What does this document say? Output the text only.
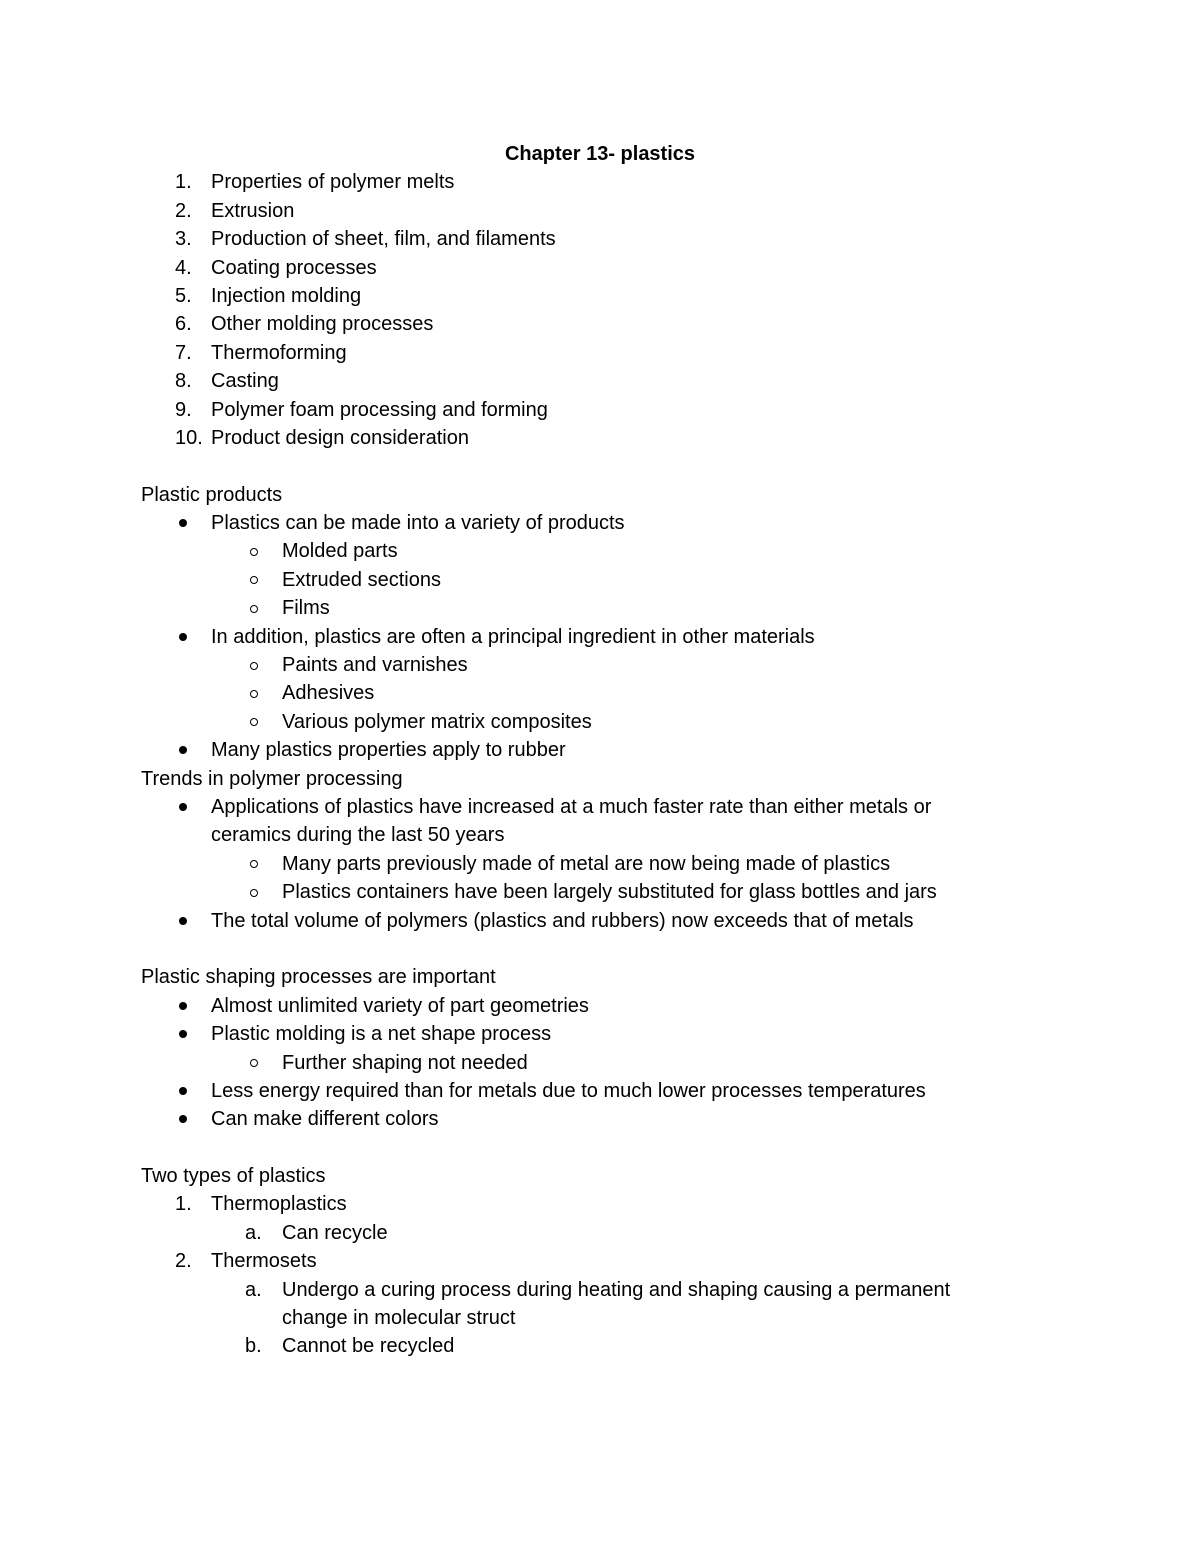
Chapter 13- plastics
1. Properties of polymer melts
2. Extrusion
3. Production of sheet, film, and filaments
4. Coating processes
5. Injection molding
6. Other molding processes
7. Thermoforming
8. Casting
9. Polymer foam processing and forming
10. Product design consideration
Plastic products
Plastics can be made into a variety of products
Molded parts
Extruded sections
Films
In addition, plastics are often a principal ingredient in other materials
Paints and varnishes
Adhesives
Various polymer matrix composites
Many plastics properties apply to rubber
Trends in polymer processing
Applications of plastics have increased at a much faster rate than either metals or
ceramics during the last 50 years
Many parts previously made of metal are now being made of plastics
Plastics containers have been largely substituted for glass bottles and jars
The total volume of polymers (plastics and rubbers) now exceeds that of metals
Plastic shaping processes are important
Almost unlimited variety of part geometries
Plastic molding is a net shape process
Further shaping not needed
Less energy required than for metals due to much lower processes temperatures
Can make different colors
Two types of plastics
1. Thermoplastics
a. Can recycle
2. Thermosets
a. Undergo a curing process during heating and shaping causing a permanent
change in molecular struct
b. Cannot be recycled
